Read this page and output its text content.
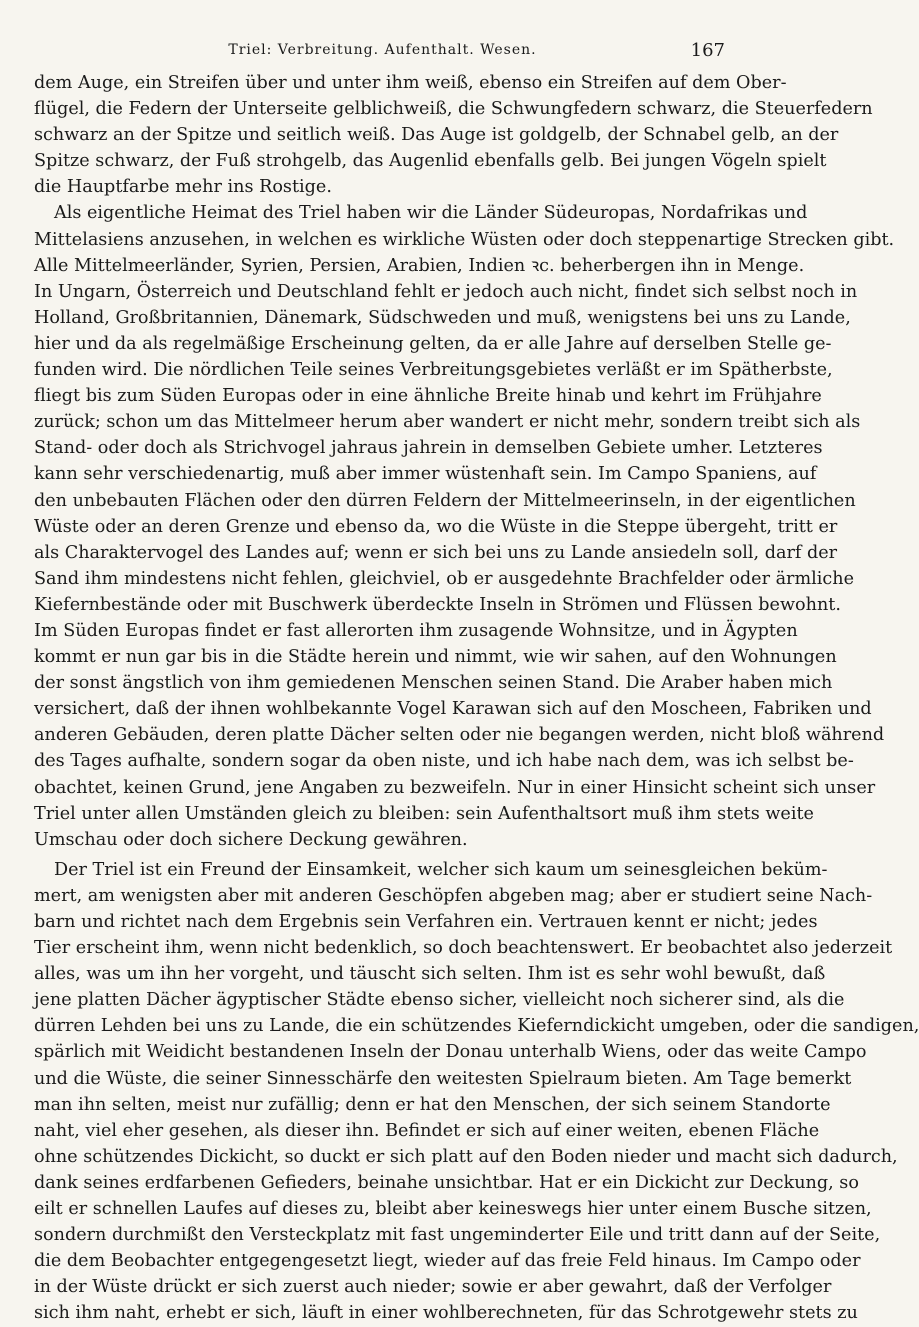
Triel: Verbreitung. Aufenthalt. Wesen.	167
dem Auge, ein Streifen über und unter ihm weiß, ebenso ein Streifen auf dem Ober-
flügel, die Federn der Unterseite gelblichweiß, die Schwungfedern schwarz, die Steuerfedern
schwarz an der Spitze und seitlich weiß. Das Auge ist goldgelb, der Schnabel gelb, an der
Spitze schwarz, der Fuß strohgelb, das Augenlid ebenfalls gelb. Bei jungen Vögeln spielt
die Hauptfarbe mehr ins Rostige.
Als eigentliche Heimat des Triel haben wir die Länder Südeuropas, Nordafrikas und
Mittelasiens anzusehen, in welchen es wirkliche Wüsten oder doch steppenartige Strecken gibt.
Alle Mittelmeerländer, Syrien, Persien, Arabien, Indien ꝛc. beherbergen ihn in Menge.
In Ungarn, Österreich und Deutschland fehlt er jedoch auch nicht, findet sich selbst noch in
Holland, Großbritannien, Dänemark, Südschweden und muß, wenigstens bei uns zu Lande,
hier und da als regelmäßige Erscheinung gelten, da er alle Jahre auf derselben Stelle ge-
funden wird. Die nördlichen Teile seines Verbreitungsgebietes verläßt er im Spätherbste,
fliegt bis zum Süden Europas oder in eine ähnliche Breite hinab und kehrt im Frühjahre
zurück; schon um das Mittelmeer herum aber wandert er nicht mehr, sondern treibt sich als
Stand- oder doch als Strichvogel jahraus jahrein in demselben Gebiete umher. Letzteres
kann sehr verschiedenartig, muß aber immer wüstenhaft sein. Im Campo Spaniens, auf
den unbebauten Flächen oder den dürren Feldern der Mittelmeerinseln, in der eigentlichen
Wüste oder an deren Grenze und ebenso da, wo die Wüste in die Steppe übergeht, tritt er
als Charaktervogel des Landes auf; wenn er sich bei uns zu Lande ansiedeln soll, darf der
Sand ihm mindestens nicht fehlen, gleichviel, ob er ausgedehnte Brachfelder oder ärmliche
Kiefernbestände oder mit Buschwerk überdeckte Inseln in Strömen und Flüssen bewohnt.
Im Süden Europas findet er fast allerorten ihm zusagende Wohnsitze, und in Ägypten
kommt er nun gar bis in die Städte herein und nimmt, wie wir sahen, auf den Wohnungen
der sonst ängstlich von ihm gemiedenen Menschen seinen Stand. Die Araber haben mich
versichert, daß der ihnen wohlbekannte Vogel Karawan sich auf den Moscheen, Fabriken und
anderen Gebäuden, deren platte Dächer selten oder nie begangen werden, nicht bloß während
des Tages aufhalte, sondern sogar da oben niste, und ich habe nach dem, was ich selbst be-
obachtet, keinen Grund, jene Angaben zu bezweifeln. Nur in einer Hinsicht scheint sich unser
Triel unter allen Umständen gleich zu bleiben: sein Aufenthaltsort muß ihm stets weite
Umschau oder doch sichere Deckung gewähren.
Der Triel ist ein Freund der Einsamkeit, welcher sich kaum um seinesgleichen beküm-
mert, am wenigsten aber mit anderen Geschöpfen abgeben mag; aber er studiert seine Nach-
barn und richtet nach dem Ergebnis sein Verfahren ein. Vertrauen kennt er nicht; jedes
Tier erscheint ihm, wenn nicht bedenklich, so doch beachtenswert. Er beobachtet also jederzeit
alles, was um ihn her vorgeht, und täuscht sich selten. Ihm ist es sehr wohl bewußt, daß
jene platten Dächer ägyptischer Städte ebenso sicher, vielleicht noch sicherer sind, als die
dürren Lehden bei uns zu Lande, die ein schützendes Kieferndickicht umgeben, oder die sandigen,
spärlich mit Weidicht bestandenen Inseln der Donau unterhalb Wiens, oder das weite Campo
und die Wüste, die seiner Sinnesschärfe den weitesten Spielraum bieten. Am Tage bemerkt
man ihn selten, meist nur zufällig; denn er hat den Menschen, der sich seinem Standorte
naht, viel eher gesehen, als dieser ihn. Befindet er sich auf einer weiten, ebenen Fläche
ohne schützendes Dickicht, so duckt er sich platt auf den Boden nieder und macht sich dadurch,
dank seines erdfarbenen Gefieders, beinahe unsichtbar. Hat er ein Dickicht zur Deckung, so
eilt er schnellen Laufes auf dieses zu, bleibt aber keineswegs hier unter einem Busche sitzen,
sondern durchmißt den Versteckplatz mit fast ungeminderter Eile und tritt dann auf der Seite,
die dem Beobachter entgegengesetzt liegt, wieder auf das freie Feld hinaus. Im Campo oder
in der Wüste drückt er sich zuerst auch nieder; sowie er aber gewahrt, daß der Verfolger
sich ihm naht, erhebt er sich, läuft in einer wohlberechneten, für das Schrotgewehr stets zu
